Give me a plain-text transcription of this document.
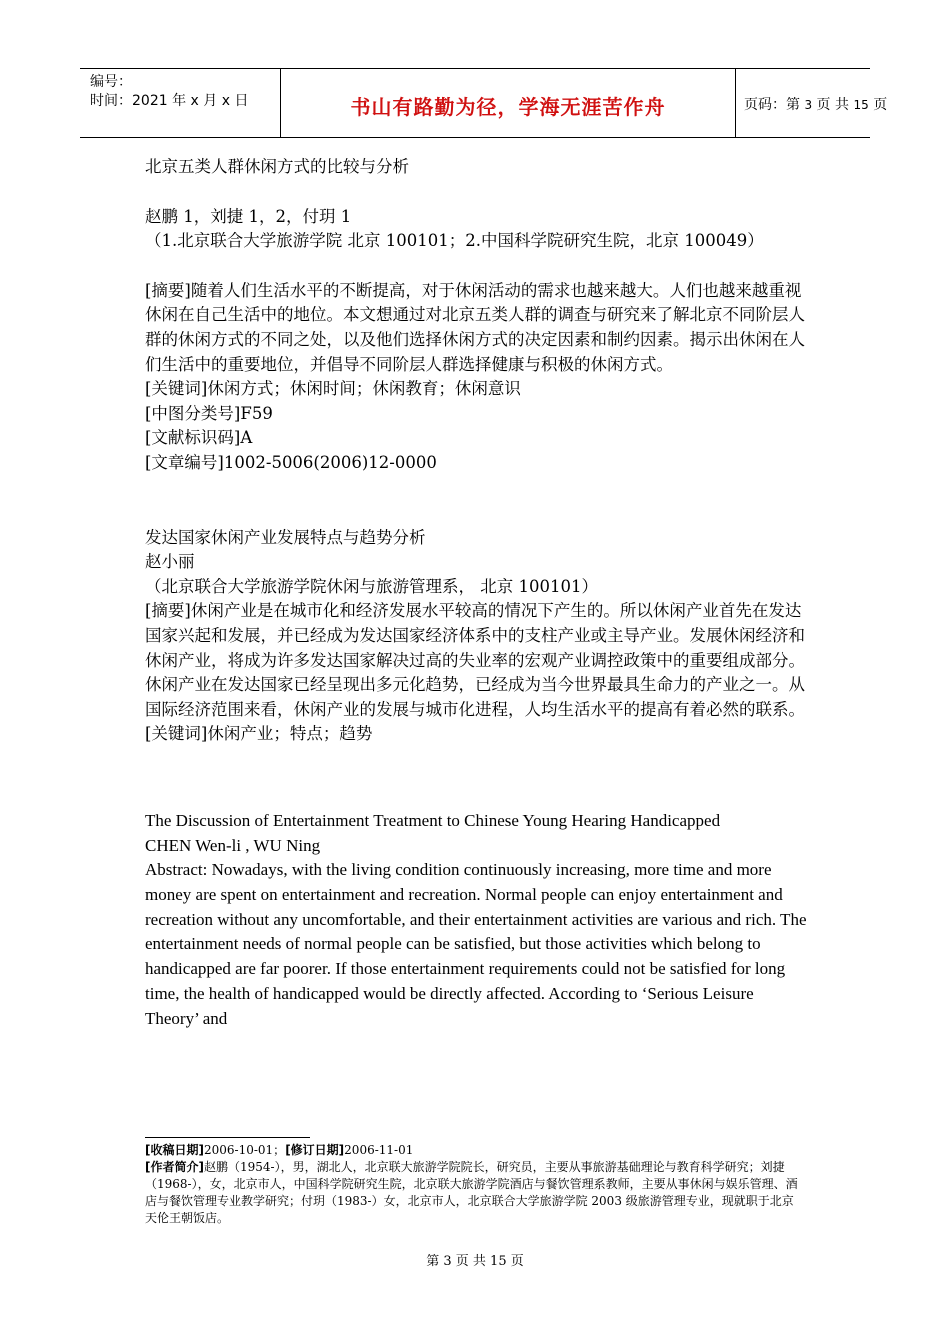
编号：
时间：2021 年 x 月 x 日	书山有路勤为径，学海无涯苦作舟	页码：第 3 页 共 15 页

北京五类人群休闲方式的比较与分析

赵鹏 1，刘捷 1，2，付玥 1

（1.北京联合大学旅游学院 北京 100101；2.中国科学院研究生院，北京 100049）

[摘要]随着人们生活水平的不断提高，对于休闲活动的需求也越来越大。人们也越来越重视休闲在自己生活中的地位。本文想通过对北京五类人群的调查与研究来了解北京不同阶层人群的休闲方式的不同之处，以及他们选择休闲方式的决定因素和制约因素。揭示出休闲在人们生活中的重要地位，并倡导不同阶层人群选择健康与积极的休闲方式。

[关键词]休闲方式；休闲时间；休闲教育；休闲意识

[中图分类号]F59

[文献标识码]A

[文章编号]1002-5006(2006)12-0000

发达国家休闲产业发展特点与趋势分析

赵小丽

（北京联合大学旅游学院休闲与旅游管理系， 北京 100101）

[摘要]休闲产业是在城市化和经济发展水平较高的情况下产生的。所以休闲产业首先在发达国家兴起和发展，并已经成为发达国家经济体系中的支柱产业或主导产业。发展休闲经济和休闲产业，将成为许多发达国家解决过高的失业率的宏观产业调控政策中的重要组成部分。休闲产业在发达国家已经呈现出多元化趋势，已经成为当今世界最具生命力的产业之一。从国际经济范围来看，休闲产业的发展与城市化进程，人均生活水平的提高有着必然的联系。

[关键词]休闲产业；特点；趋势

The Discussion of Entertainment Treatment to Chinese Young Hearing Handicapped

CHEN Wen-li , WU Ning

Abstract: Nowadays, with the living condition continuously increasing, more time and more money are spent on entertainment and recreation. Normal people can enjoy entertainment and recreation without any uncomfortable, and their entertainment activities are various and rich. The entertainment needs of normal people can be satisfied, but those activities which belong to handicapped are far poorer. If those entertainment requirements could not be satisfied for long time, the health of handicapped would be directly affected. According to ‘Serious Leisure Theory’ and

[收稿日期]2006-10-01；[修订日期]2006-11-01

[作者简介]赵鹏（1954-），男，湖北人，北京联大旅游学院院长，研究员，主要从事旅游基础理论与教育科学研究；刘捷（1968-），女，北京市人，中国科学院研究生院，北京联大旅游学院酒店与餐饮管理系教师，主要从事休闲与娱乐管理、酒店与餐饮管理专业教学研究；付玥（1983-）女，北京市人，北京联合大学旅游学院 2003 级旅游管理专业，现就职于北京天伦王朝饭店。

第 3 页 共 15 页
